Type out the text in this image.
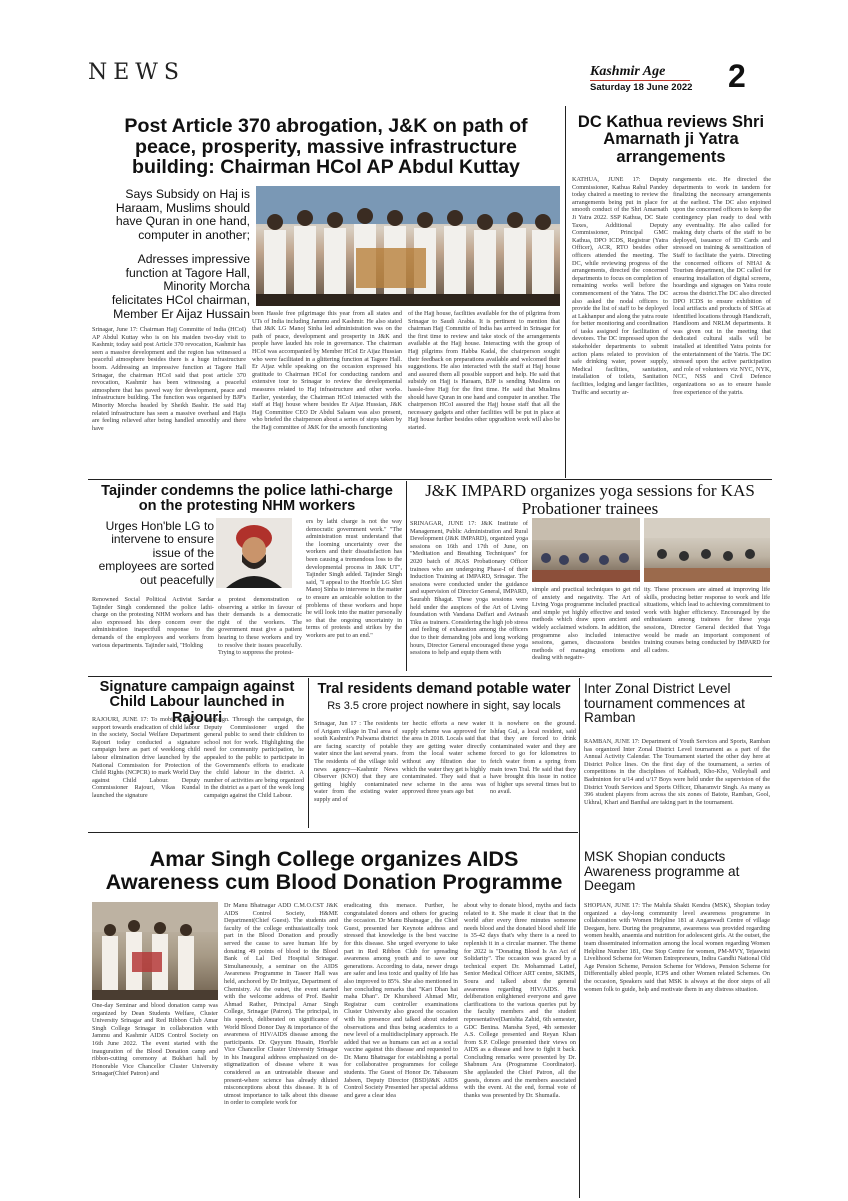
NEWS	Kashmir Age
Saturday 18 June 2022 2
Post Article 370 abrogation, J&K on path of peace, prosperity, massive infrastructure building: Chairman HCol AP Abdul Kuttay
Says Subsidy on Haj is Haraam, Muslims should have Quran in one hand, computer in another;
Adresses impressive function at Tagore Hall, Minority Morcha felicitates HCol chairman, Member Er Aijaz Hussain
Srinagar, June 17: Chairman Hajj Committe of India (HCoI) AP Abdul Kuttay who is on his maiden two-day visit to Kashmir, today said post Article 370 revocation, Kashmir has seen a massive development and the region has witnessed a peaceful atmosphere besides there is a huge infrastructure boom. Addressing an impressive function at Tagore Hall Srinagar, the chairman HCoI said that post article 370 revocation, Kashmir has been witnessing a peaceful atmosphere that has paved way for development, peace and infrastructure building. The function was organised by BJP's Minority Morcha headed by Sheikh Bashir. He said Haj related infrastructure has seen a massive overhaul and Hajis are feeling relieved after being handled smoothly and there have
been Hassle free pilgrimage this year from all states and UTs of India including Jammu and Kashmir. He also stated that J&K LG Manoj Sinha led administration was on the path of peace, development and prosperity in J&K and people have lauded his role in governance. The chairman HCoI was accompanied by Member HCoI Er Aijaz Hussian who were facilitated in a glittering function at Tagore Hall. Er Aijaz while speaking on the occasion expressed his gratitude to Chairman HCoI for conducting random and extensive tour to Srinagar to review the developmental measures related to Haj infrastructure and other works. Earlier, yesterday, the Chairman HCoI interacted with the staff at Hajj house where besides Er Aijaz Hussian, J&K Hajj Committee CEO Dr Abdul Salaam was also present, who briefed the chairperson about a series of steps taken by the Hajj committee of J&K for the smooth functioning
of the Hajj house, facilities available for the of pilgrims from Srinagar to Saudi Arabia. It is pertinent to mention that chairman Hajj Committe of India has arrived in Srinagar for the first time to review and take stock of the arrangements available at the Hajj house. Interacting with the group of Hajj pilgrims from Habba Kadal, the chairperson sought their feedback on preparations available and welcomed their suggestions. He also interacted with the staff at Hajj house and assured them all possible support and help. He said that subsidy on Hajj is Haraam, BJP is sending Muslims on hassle-free Hajj for the first time. He said that Muslims should have Quran in one hand and computer in another. The chairperson HCoI assured the Hajj house staff that all the necessary gadgets and other facilities will be put in place at Hajj house further besides other upgradtion work will also be started.
DC Kathua reviews Shri Amarnath ji Yatra arrangements
KATHUA, JUNE 17: Deputy Commissioner, Kathua Rahul Pandey today chaired a meeting to review the arrangements being put in place for smooth conduct of the Shri Amarnath Ji Yatra 2022. SSP Kathua, DC State Taxes, Additional Deputy Commissioner, Principal GMC Kathua, DPO ICDS, Registrar (Yatra Officer), ACR, RTO besides other officers attended the meeting. The DC, while reviewing progress of the arrangements, directed the concerned departments to focus on completion of remaining works well before the commencement of the Yatra. The DC also asked the nodal officers to provide the list of staff to be deployed at Lakhanpur and along the yatra route for better monitoring and coordination of tasks assigned for facilitation of devotees. The DC impressed upon the stakeholder departments to submit action plans related to provision of safe drinking water, power supply, Medical facilities, sanitation, installation of toilets, Sanitation facilities, lodging and langer facilities, Traffic and security ar-
rangements etc. He directed the departments to work in tandem for finalizing the necessary arrangements at the earliest. The DC also enjoined upon the concerned officers to keep the contingency plan ready to deal with any eventuality. He also called for making duty charts of the staff to be deployed, issuance of ID Cards and stressed on training & sensitization of Staff to facilitate the yatris. Directing the concerned officers of NHAI & Tourism department, the DC called for ensuring installation of digital screens, hoardings and signages on Yatra route across the district.The DC also directed DPO ICDS to ensure exhibition of local artifacts and products of SHGs at identified locations through Handicraft, Handloom and NRLM departments. It was given out in the meeting that dedicated cultural stalls will be installed at identified Yatra points for the entertainment of the Yatris. The DC stressed upon the active participation and role of volunteers viz NYC, NYK, NCC, NSS and Civil Defence organizations so as to ensure hassle free experience of the yatris.
Tajinder condemns the police lathi-charge on the protesting NHM workers
Urges Hon'ble LG to intervene to ensure issue of the employees are sorted out peacefully
Renowned Social Political Activist Sardar Tajinder Singh condemned the police lathi-charge on the protesting NHM workers and has also expressed his deep concern over the administration inapectfull response to the demands of the employees and workers from various departments. Tajinder said, "Holding
a protest demonstration or observing a strike in favour of their demands is a democratic right of the workers. The government must give a patient hearing to these workers and try to resolve their issues peacefully. Trying to suppress the protest-
ers by lathi charge is not the way democratic government work." "The administration must understand that the looming uncertainty over the workers and their dissatisfaction has been causing a tremendous loss to the developmental process in J&K UT", Tajinder Singh added. Tajinder Singh said, "I appeal to the Hon'ble LG Shri Manoj Sinha to intervene in the matter to ensure an amicable solution to the problems of these workers and hope he will look into the matter personally so that the ongoing uncertainty in terms of protests and strikes by the workers are put to an end."
J&K IMPARD organizes yoga sessions for KAS Probationer trainees
SRINAGAR, JUNE 17: J&K Institute of Management, Public Administration and Rural Development (J&K IMPARD), organized yoga sessions on 16th and 17th of June, on "Meditation and Breathing Techniques" for 2020 batch of JKAS Probationary Officer trainees who are undergoing Phase-I of their Induction Training at IMPARD, Srinagar. The sessions were conducted under the guidance and supervision of Director General, IMPARD, Saurabh Bhagat. These yoga sessions were held under the auspices of the Art of Living foundation with Vandana Daffari and Avinash Tiku as trainers. Considering the high job stress and feeling of exhaustion among the officers due to their demanding jobs and long working hours, Director General encouraged these yoga sessions to help and equip them with
simple and practical techniques to get rid of anxiety and negativity. The Art of Living Yoga programme included practical and simple yet highly effective and tested methods which draw upon ancient and widely acclaimed wisdom. In addition, the programme also included interactive sessions, games, discussions besides methods of managing emotions and dealing with negativ-
ity. These processes are aimed at improving life skills, producing better response to work and life situations, which lead to achieving commitment to work with higher efficiency. Encouraged by the enthusiasm among trainees for these yoga sessions, Director General decided that Yoga would be made an important component of training courses being conducted by IMPARD for all cadres.
Signature campaign against Child Labour launched in Rajouri
RAJOURI, JUNE 17: To mobilize public support towards eradication of child labour in the society, Social Welfare Department Rajouri today conducted a signature campaign here as part of weeklong child labour elimination drive launched by the National Commission for Protection of Child Rights (NCPCR) to mark World Day against Child Labour. Deputy Commissioner Rajouri, Vikas Kundal launched the signature
campaign. Through the campaign, the Deputy Commissioner urged the general public to send their children to school not for work. Highlighting the need for community participation, he appealed to the public to participate in the Government's efforts to eradicate the child labour in the district. A number of activities are being organized in the district as a part of the week long campaign against the Child Labour.
Tral residents demand potable water
Rs 3.5 crore project nowhere in sight, say locals
Srinagar, Jun 17 : The residents of Arigam village in Tral area of south Kashmir's Pulwama district are facing scarcity of potable water since the last several years. The residents of the village told news agency—Kashmir News Observer (KNO) that they are getting highly contaminated water from the existing water supply and of
ter hectic efforts a new water supply scheme was approved for the area in 2018. Locals said that they are getting water directly from the local water scheme without any filtration due to which the water they get is highly contaminated. They said that a new scheme in the area was approved three years ago but
it is nowhere on the ground. Ishfaq Gul, a local resident, said that they are forced to drink contaminated water and they are forced to go for kilometres to fetch water from a spring from main town Tral. He said that they have brought this issue in notice of higher ups several times but to no avail.
Inter Zonal District Level tournament commences at Ramban
RAMBAN, JUNE 17: Department of Youth Services and Sports, Ramban has organized Inter Zonal District Level tournament as a part of the Annual Activity Calendar. The Tournament started the other day here at District Police lines. On the first day of the tournament, a series of competitions in the disciplines of Kabbadi, Kho-Kho, Volleyball and Badminton for u/14 and u/17 Boys were held under the supervision of the District Youth Services and Sports Officer, Dharamvir Singh. As many as 396 student players from across the six zones of Batote, Ramban, Gool, Ukhral, Khari and Banihal are taking part in the tournament.
MSK Shopian conducts Awareness programme at Deegam
SHOPIAN, JUNE 17: The Mahila Shakti Kendra (MSK), Shopian today organized a day-long community level awareness programme in collaboration with Women Helpline 181 at Anganwadi Centre of village Deegam, here. During the programme, awareness was provided regarding women health, anaemia and nutrition for adolescent girls. At the outset, the team disseminated information among the local women regarding Women Helpline Number 181, One Stop Centre for women, PM-MVY, Tejaswini Livelihood Scheme for Women Entrepreneurs, Indira Gandhi National Old Age Pension Scheme, Pension Scheme for Widows, Pension Scheme for Differentially abled people, ICPS and other Women related Schemes. On the occasion, Speakers said that MSK is always at the door steps of all women folk to guide, help and motivate them in any distress situation.
Amar Singh College organizes AIDS Awareness cum Blood Donation Programme
One-day Seminar and blood donation camp was organized by Dean Students Welfare, Cluster University Srinagar and Red Ribbon Club Amar Singh College Srinagar in collaboration with Jammu and Kashmir AIDS Control Society on 16th June 2022. The event started with the inauguration of the Blood Donation camp and ribbon-cutting ceremony at Bukhari hall by Honorable Vice Chancellor Cluster University Srinagar(Chief Patron) and
Dr Manu Bhatnagar ADD C.M.O.CST J&K AIDS Control Society, H&ME Department(Chief Guest). The students and faculty of the college enthusiastically took part in the Blood Donation and proudly served the cause to save human life by donating 49 points of blood to the Blood Bank of Lal Ded Hospital Srinagar. Simultaneously, a seminar on the AIDS Awareness Programme in Taseer Hall was held, anchored by Dr Imtiyaz, Department of Chemistry. At the outset, the event started with the welcome address of Prof. Bashir Ahmad Rather, Principal Amar Singh College, Srinagar (Patron). The principal, in his speech, deliberated on significance of World Blood Donor Day & importance of the awareness of HIV/AIDS disease among the participants. Dr. Qayyum Husain, Hon'ble Vice Chancellor Cluster University Srinagar in his Inaugural address emphasized on de-stigmatization of disease where it was considered as an untreatable disease and present-where science has already diluted misconceptions about this disease. It is of utmost importance to talk about this disease in order to complete work for
eradicating this menace. Further, he congratulated donors and others for gracing the occasion. Dr Manu Bhatnagar , the Chief Guest, presented her Keynote address and stressed that knowledge is the best vaccine for this disease. She urged everyone to take part in Red Ribbon Club for spreading awareness among youth and to save our generations. According to data, newer drugs are safer and less toxic and quality of life has also improved to 85%. She also mentioned in her concluding remarks that "Kari Dhan hai maha Dhan". Dr Khursheed Ahmad Mir, Registrar cum controller examinations Cluster University also graced the occasion with his presence and talked about student observations and thus being academics to a new level of a multidisciplinary approach. He added that we as humans can act as a social vaccine against this disease and requested to Dr. Manu Bhatnagar for establishing a portal for collaborative programmes for college students. The Guest of Honor Dr. Tabassum Jabeen, Deputy Director (BSD)J&K AIDS Control Society Presented her special address and gave a clear idea
about why to donate blood, myths and facts related to it. She made it clear that in the world after every three minutes someone needs blood and the donated blood shelf life is 35-42 days that's why there is a need to replenish it in a circular manner. The theme for 2022 is "Donating Blood Is An Act of Solidarity". The occasion was graced by a technical expert Dr. Mohammad Latief, Senior Medical Officer ART centre, SKIMS, Soura and talked about the general awareness regarding HIV/AIDS. His deliberation enlightened everyone and gave clarifications to the various queries put by the faculty members and the student representative(Danishta Zahid, 6th semester, GDC Benina. Mansha Syed, 4th semester A.S. College presented and Reyan Khan from S.P. College presented their views on AIDS as a disease and how to fight it back. Concluding remarks were presented by Dr. Shabnum Ara (Programme Coordinator). She applauded the Chief Patron, all the guests, donors and the members associated with the event. At the end, formal vote of thanks was presented by Dr. Shumaila.
